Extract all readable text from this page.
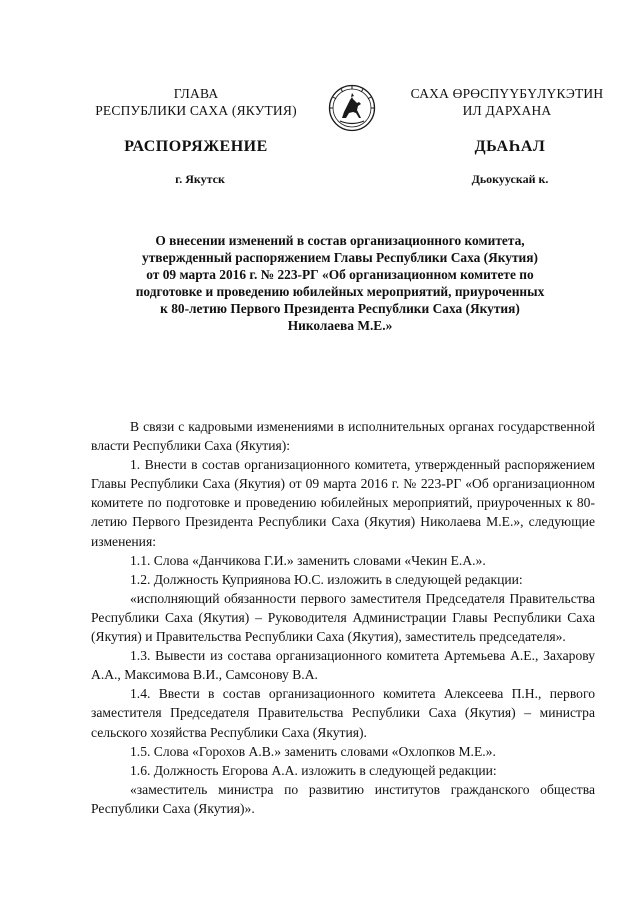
ГЛАВА
РЕСПУБЛИКИ САХА (ЯКУТИЯ)
САХА ӨРӨСПҮҮБҮЛҮКЭТИН
ИЛ ДАРХАНА
РАСПОРЯЖЕНИЕ	ДЬАҺАЛ
г. Якутск	Дьокуускай к.
О внесении изменений в состав организационного комитета,
утвержденный распоряжением Главы Республики Саха (Якутия)
от 09 марта 2016 г. № 223-РГ «Об организационном комитете по
подготовке и проведению юбилейных мероприятий, приуроченных
к 80-летию Первого Президента Республики Саха (Якутия)
Николаева М.Е.»

В связи с кадровыми изменениями в исполнительных органах государственной власти Республики Саха (Якутия):

1. Внести в состав организационного комитета, утвержденный распоряжением Главы Республики Саха (Якутия) от 09 марта 2016 г. № 223-РГ «Об организационном комитете по подготовке и проведению юбилейных мероприятий, приуроченных к 80-летию Первого Президента Республики Саха (Якутия) Николаева М.Е.», следующие изменения:

1.1. Слова «Данчикова Г.И.» заменить словами «Чекин Е.А.».

1.2. Должность Куприянова Ю.С. изложить в следующей редакции:

«исполняющий обязанности первого заместителя Председателя Правительства Республики Саха (Якутия) – Руководителя Администрации Главы Республики Саха (Якутия) и Правительства Республики Саха (Якутия), заместитель председателя».

1.3. Вывести из состава организационного комитета Артемьева А.Е., Захарову А.А., Максимова В.И., Самсонову В.А.

1.4. Ввести в состав организационного комитета Алексеева П.Н., первого заместителя Председателя Правительства Республики Саха (Якутия) – министра сельского хозяйства Республики Саха (Якутия).

1.5. Слова «Горохов А.В.» заменить словами «Охлопков М.Е.».

1.6. Должность Егорова А.А. изложить в следующей редакции:

«заместитель министра по развитию институтов гражданского общества Республики Саха (Якутия)».
